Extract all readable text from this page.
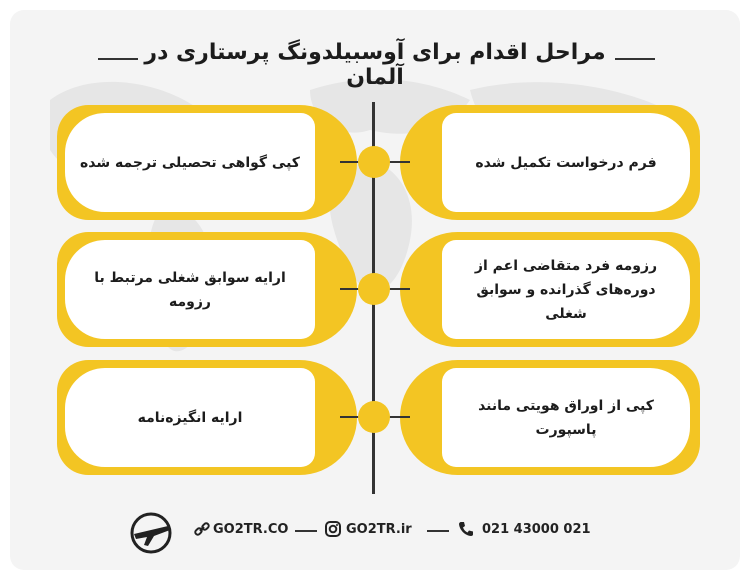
مراحل اقدام برای آوسبیلدونگ پرستاری در آلمان
کپی گواهی تحصیلی ترجمه شده	فرم درخواست تکمیل شده
ارایه سوابق شغلی مرتبط با رزومه
رزومه فرد متقاضی اعم از دوره‌های گذرانده و سوابق شغلی
ارایه انگیزه‌نامه
کپی از اوراق هویتی مانند پاسپورت
GO2TR.CO	GO2TR.ir	021 43000 021
